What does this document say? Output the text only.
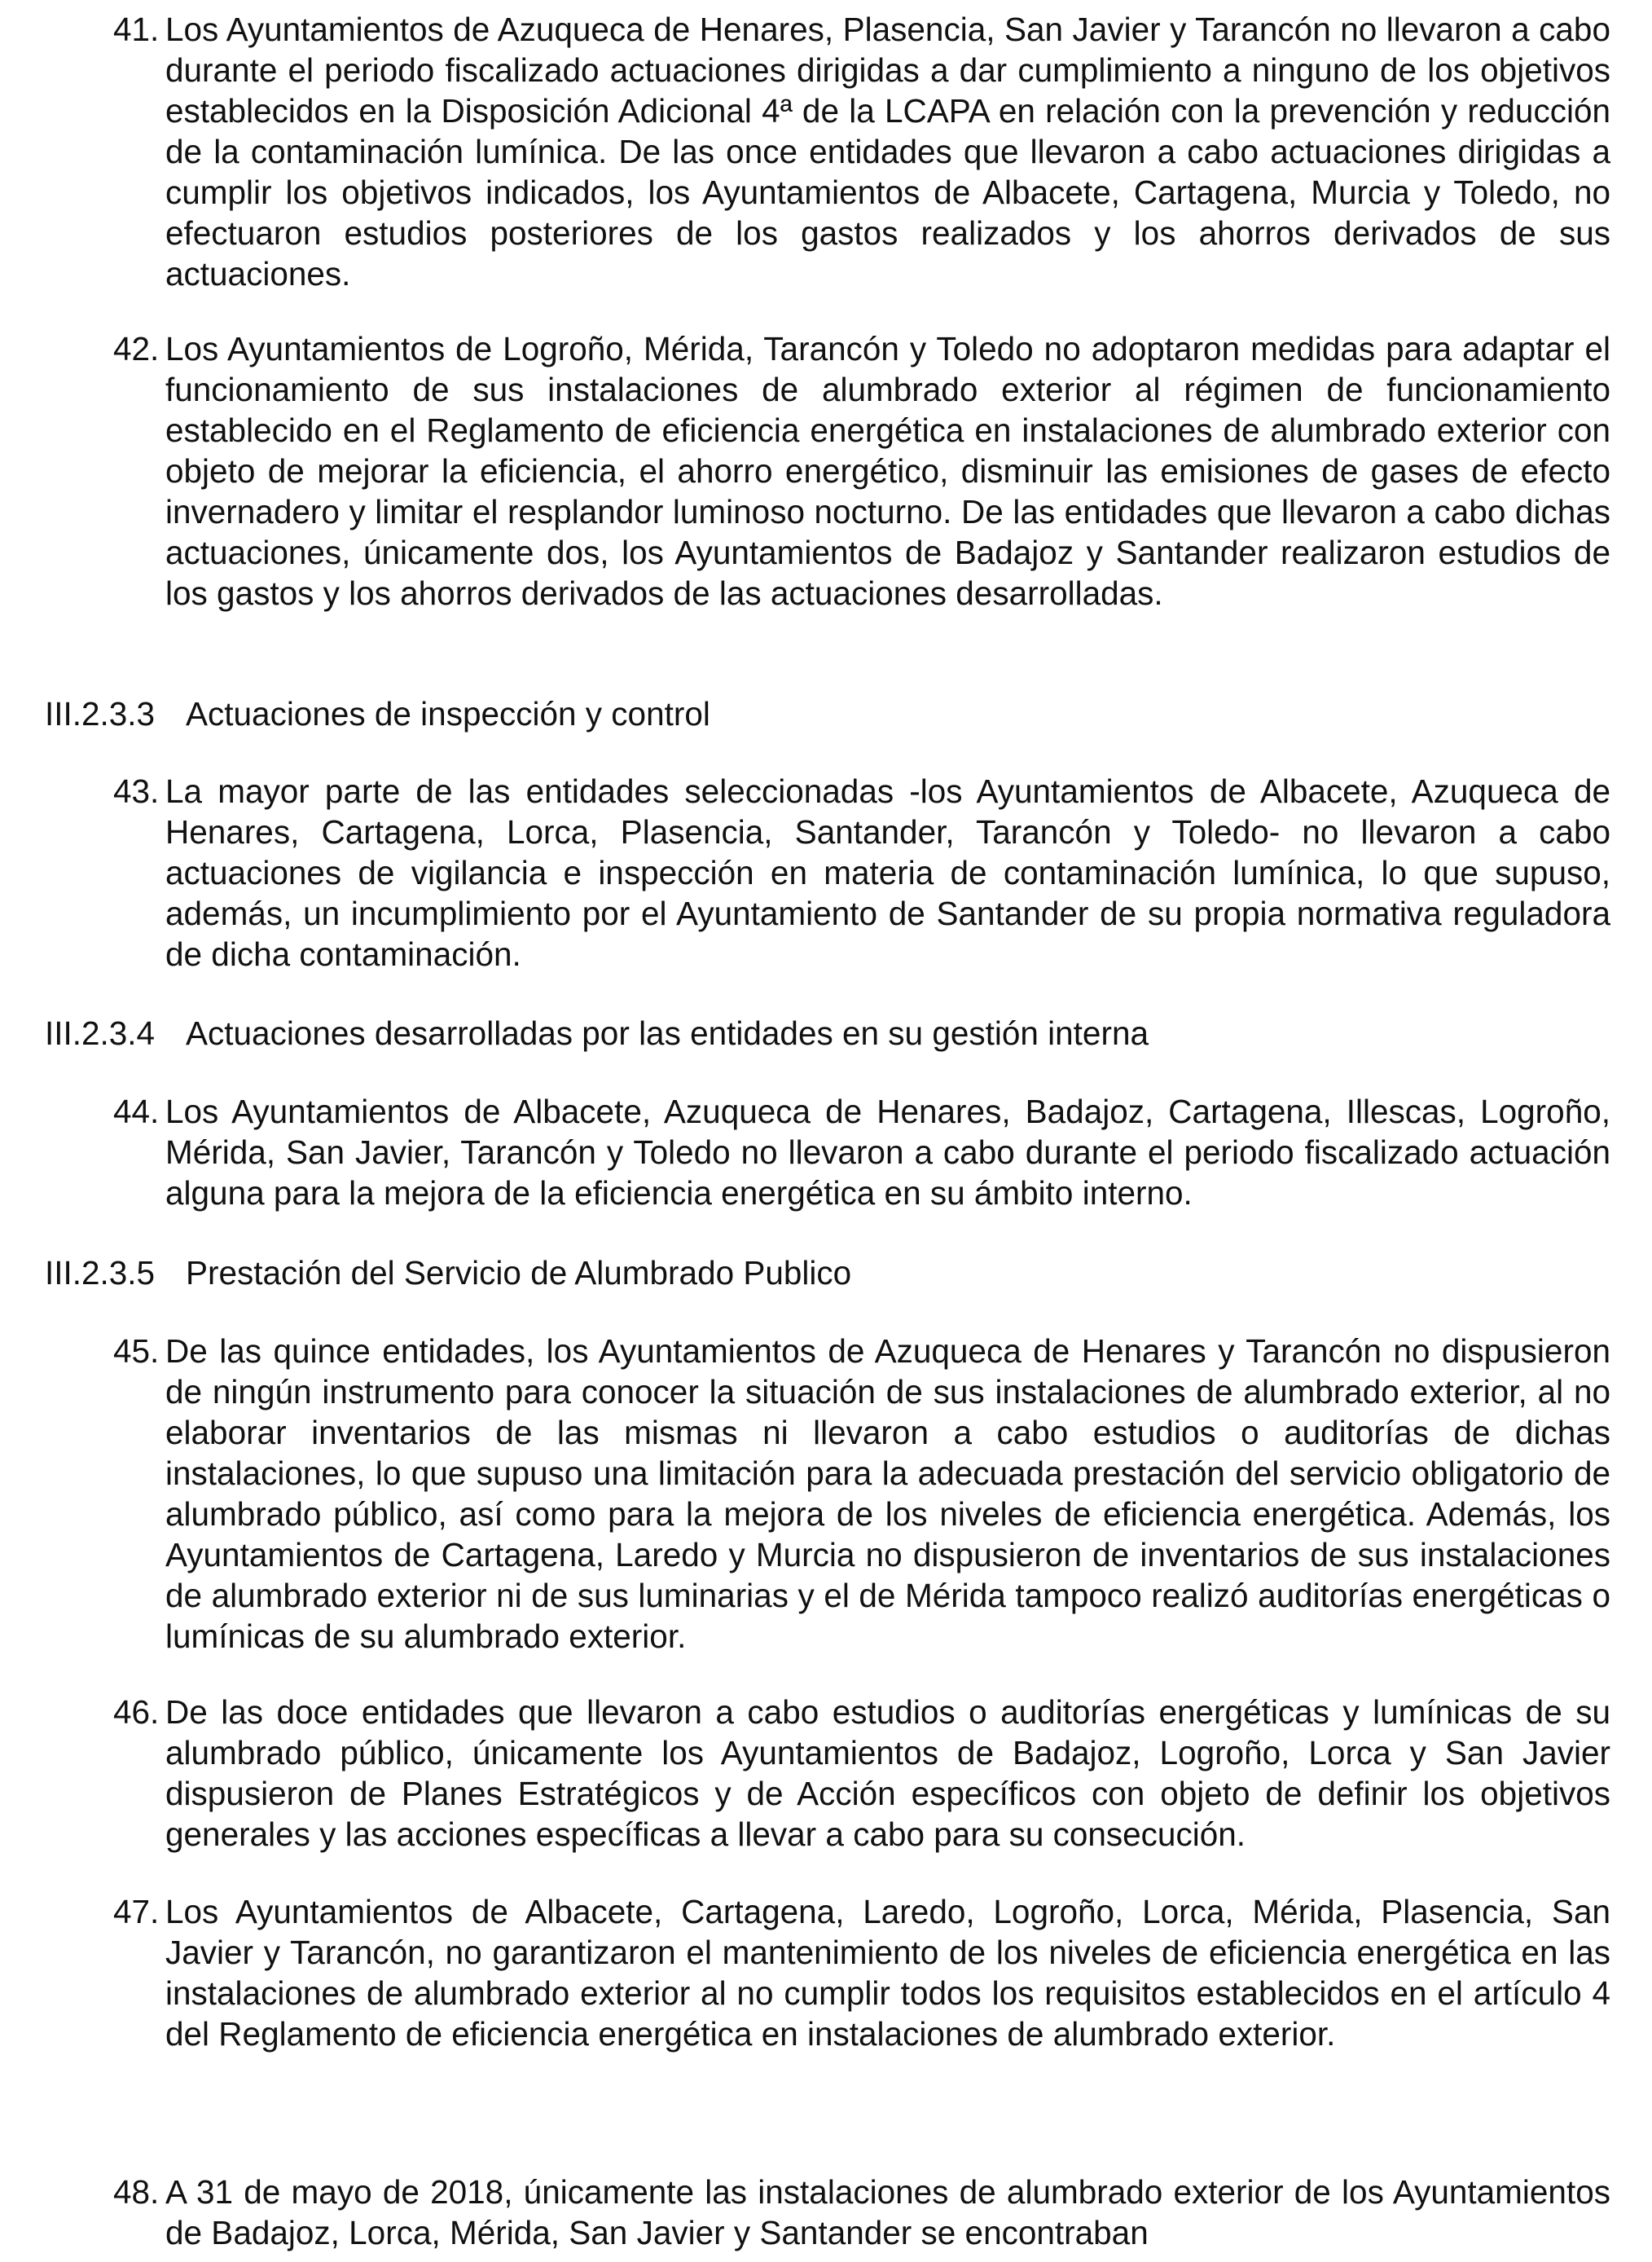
41. Los Ayuntamientos de Azuqueca de Henares, Plasencia, San Javier y Tarancón no llevaron a cabo durante el periodo fiscalizado actuaciones dirigidas a dar cumplimiento a ninguno de los objetivos establecidos en la Disposición Adicional 4ª de la LCAPA en relación con la prevención y reducción de la contaminación lumínica. De las once entidades que llevaron a cabo actuaciones dirigidas a cumplir los objetivos indicados, los Ayuntamientos de Albacete, Cartagena, Murcia y Toledo, no efectuaron estudios posteriores de los gastos realizados y los ahorros derivados de sus actuaciones.
42. Los Ayuntamientos de Logroño, Mérida, Tarancón y Toledo no adoptaron medidas para adaptar el funcionamiento de sus instalaciones de alumbrado exterior al régimen de funcionamiento establecido en el Reglamento de eficiencia energética en instalaciones de alumbrado exterior con objeto de mejorar la eficiencia, el ahorro energético, disminuir las emisiones de gases de efecto invernadero y limitar el resplandor luminoso nocturno. De las entidades que llevaron a cabo dichas actuaciones, únicamente dos, los Ayuntamientos de Badajoz y Santander realizaron estudios de los gastos y los ahorros derivados de las actuaciones desarrolladas.
III.2.3.3 Actuaciones de inspección y control
43. La mayor parte de las entidades seleccionadas -los Ayuntamientos de Albacete, Azuqueca de Henares, Cartagena, Lorca, Plasencia, Santander, Tarancón y Toledo- no llevaron a cabo actuaciones de vigilancia e inspección en materia de contaminación lumínica, lo que supuso, además, un incumplimiento por el Ayuntamiento de Santander de su propia normativa reguladora de dicha contaminación.
III.2.3.4 Actuaciones desarrolladas por las entidades en su gestión interna
44. Los Ayuntamientos de Albacete, Azuqueca de Henares, Badajoz, Cartagena, Illescas, Logroño, Mérida, San Javier, Tarancón y Toledo no llevaron a cabo durante el periodo fiscalizado actuación alguna para la mejora de la eficiencia energética en su ámbito interno.
III.2.3.5 Prestación del Servicio de Alumbrado Publico
45. De las quince entidades, los Ayuntamientos de Azuqueca de Henares y Tarancón no dispusieron de ningún instrumento para conocer la situación de sus instalaciones de alumbrado exterior, al no elaborar inventarios de las mismas ni llevaron a cabo estudios o auditorías de dichas instalaciones, lo que supuso una limitación para la adecuada prestación del servicio obligatorio de alumbrado público, así como para la mejora de los niveles de eficiencia energética. Además, los Ayuntamientos de Cartagena, Laredo y Murcia no dispusieron de inventarios de sus instalaciones de alumbrado exterior ni de sus luminarias y el de Mérida tampoco realizó auditorías energéticas o lumínicas de su alumbrado exterior.
46. De las doce entidades que llevaron a cabo estudios o auditorías energéticas y lumínicas de su alumbrado público, únicamente los Ayuntamientos de Badajoz, Logroño, Lorca y San Javier dispusieron de Planes Estratégicos y de Acción específicos con objeto de definir los objetivos generales y las acciones específicas a llevar a cabo para su consecución.
47. Los Ayuntamientos de Albacete, Cartagena, Laredo, Logroño, Lorca, Mérida, Plasencia, San Javier y Tarancón, no garantizaron el mantenimiento de los niveles de eficiencia energética en las instalaciones de alumbrado exterior al no cumplir todos los requisitos establecidos en el artículo 4 del Reglamento de eficiencia energética en instalaciones de alumbrado exterior.
48. A 31 de mayo de 2018, únicamente las instalaciones de alumbrado exterior de los Ayuntamientos de Badajoz, Lorca, Mérida, San Javier y Santander se encontraban
